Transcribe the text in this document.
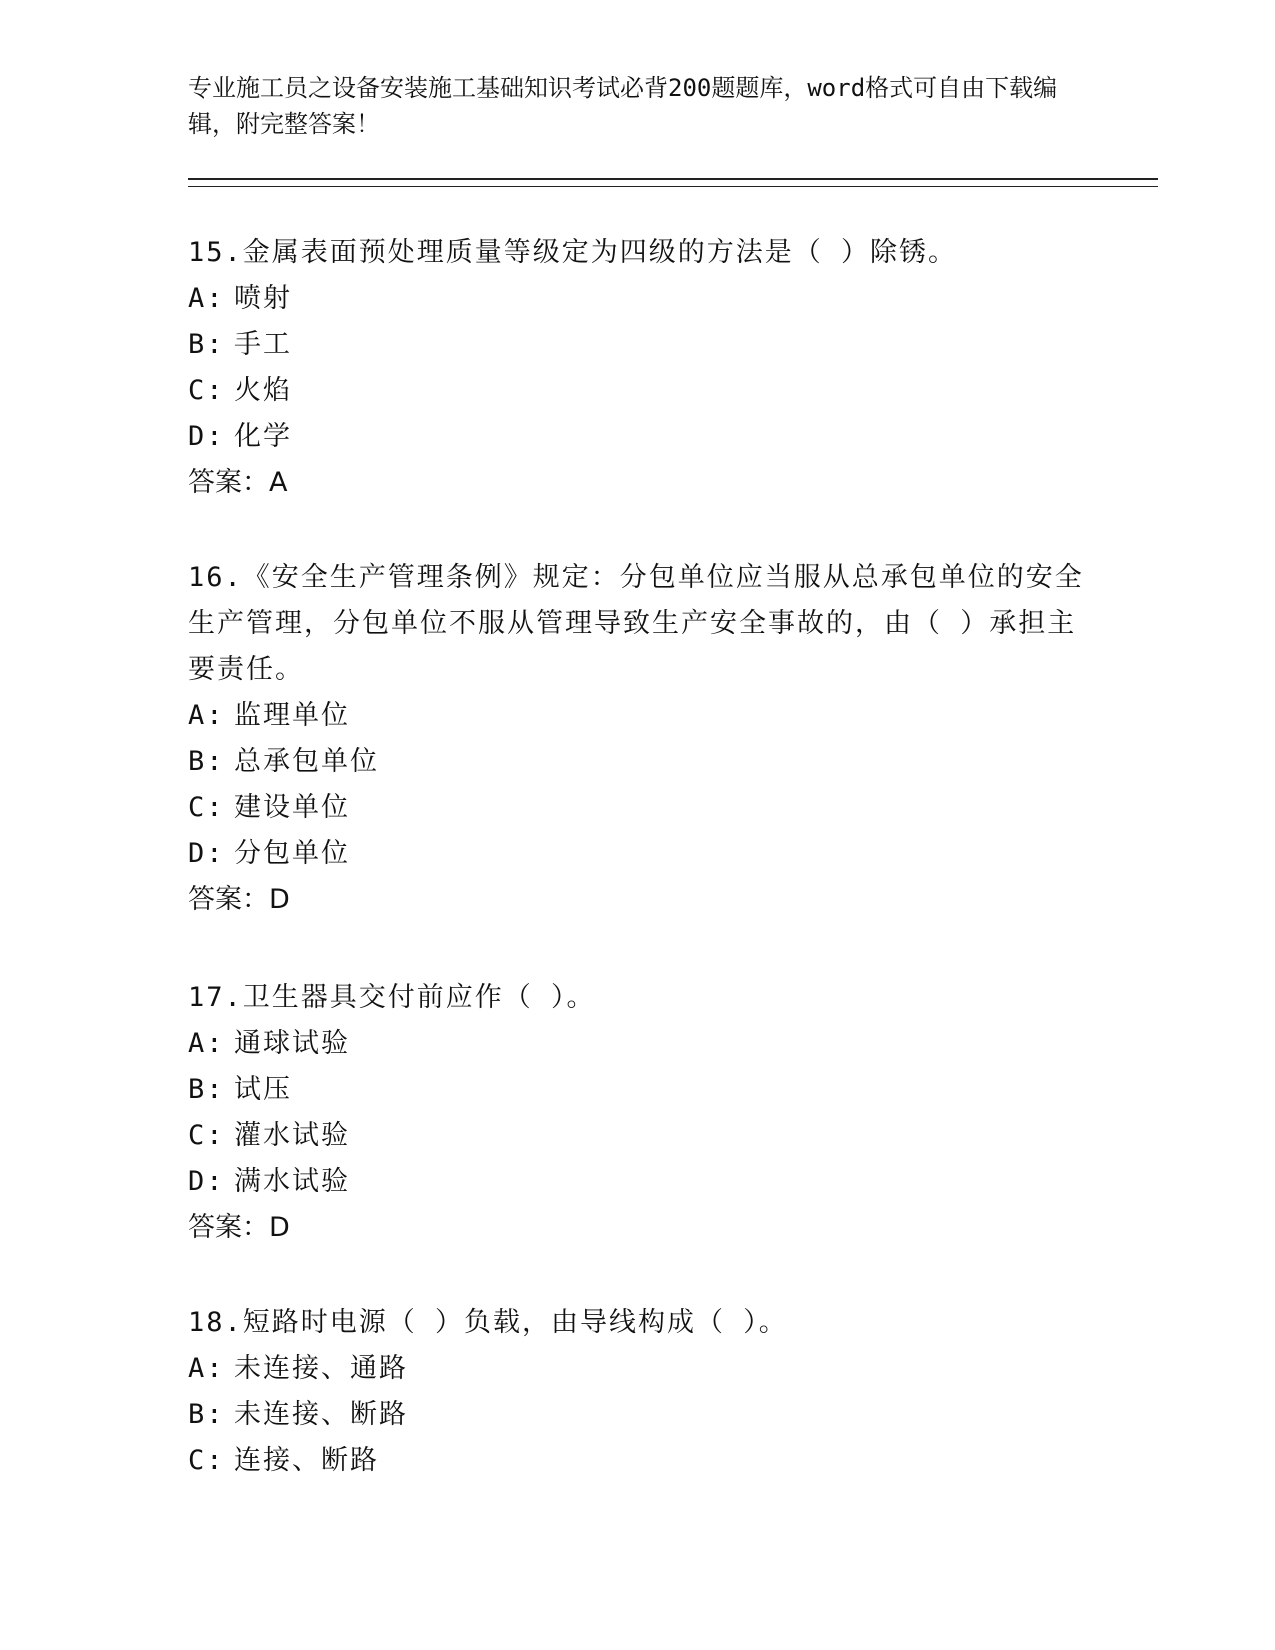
专业施工员之设备安装施工基础知识考试必背200题题库，word格式可自由下载编辑，附完整答案！
15.金属表面预处理质量等级定为四级的方法是（ ）除锈。
A: 喷射
B: 手工
C: 火焰
D: 化学
答案：A
16.《安全生产管理条例》规定：分包单位应当服从总承包单位的安全生产管理，分包单位不服从管理导致生产安全事故的，由（ ）承担主要责任。
A: 监理单位
B: 总承包单位
C: 建设单位
D: 分包单位
答案：D
17.卫生器具交付前应作（ ）。
A: 通球试验
B: 试压
C: 灌水试验
D: 满水试验
答案：D
18.短路时电源（ ）负载，由导线构成（ ）。
A: 未连接、通路
B: 未连接、断路
C: 连接、断路
